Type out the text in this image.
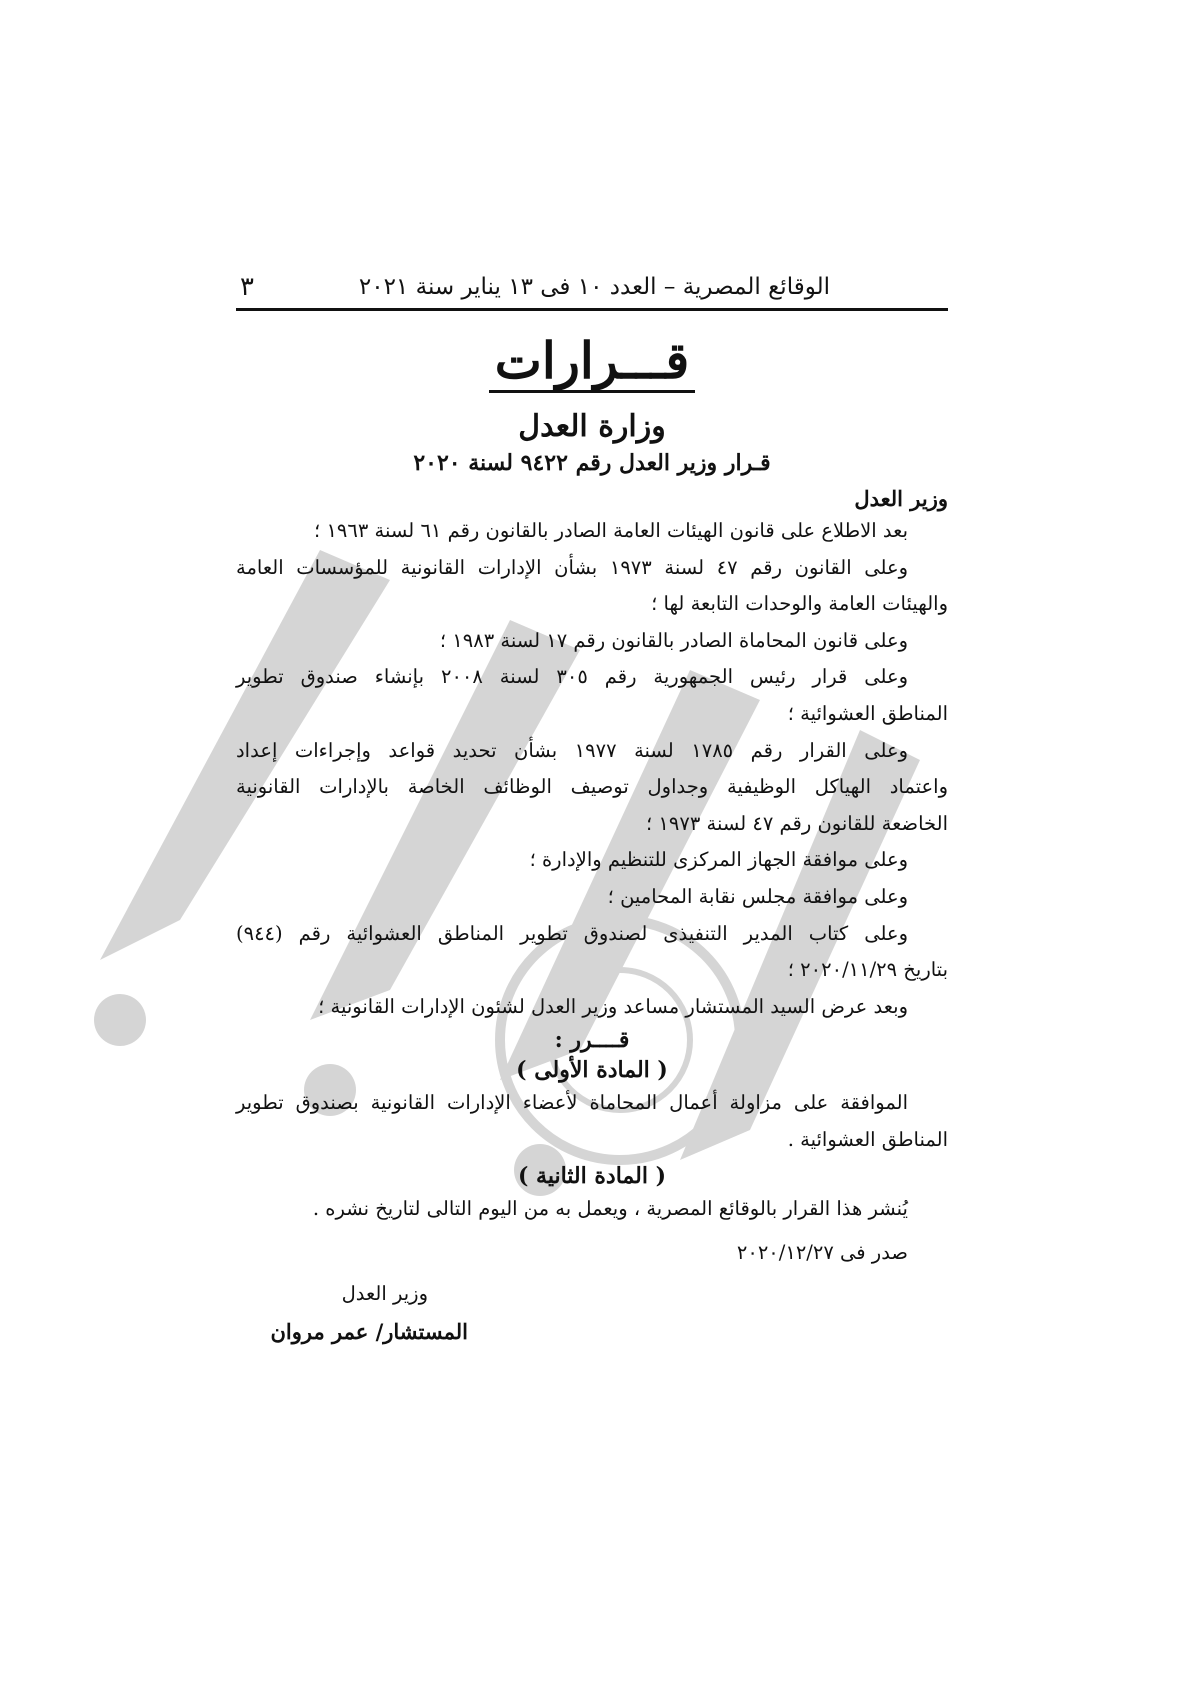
الوقائع المصرية – العدد ١٠ فى ١٣ يناير سنة ٢٠٢١
٣
قـــرارات
وزارة العدل
قـرار وزير العدل رقم ٩٤٢٢ لسنة ٢٠٢٠
وزير العدل
بعد الاطلاع على قانون الهيئات العامة الصادر بالقانون رقم ٦١ لسنة ١٩٦٣ ؛
وعلى القانون رقم ٤٧ لسنة ١٩٧٣ بشأن الإدارات القانونية للمؤسسات العامة
والهيئات العامة والوحدات التابعة لها ؛
وعلى قانون المحاماة الصادر بالقانون رقم ١٧ لسنة ١٩٨٣ ؛
وعلى قرار رئيس الجمهورية رقم ٣٠٥ لسنة ٢٠٠٨ بإنشاء صندوق تطوير
المناطق العشوائية ؛
وعلى القرار رقم ١٧٨٥ لسنة ١٩٧٧ بشأن تحديد قواعد وإجراءات إعداد
واعتماد الهياكل الوظيفية وجداول توصيف الوظائف الخاصة بالإدارات القانونية
الخاضعة للقانون رقم ٤٧ لسنة ١٩٧٣ ؛
وعلى موافقة الجهاز المركزى للتنظيم والإدارة ؛
وعلى موافقة مجلس نقابة المحامين ؛
وعلى كتاب المدير التنفيذى لصندوق تطوير المناطق العشوائية رقم (٩٤٤)
بتاريخ ٢٠٢٠/١١/٢٩ ؛
وبعد عرض السيد المستشار مساعد وزير العدل لشئون الإدارات القانونية ؛
قــــرر :
( المادة الأولى )
الموافقة على مزاولة أعمال المحاماة لأعضاء الإدارات القانونية بصندوق تطوير
المناطق العشوائية .
( المادة الثانية )
يُنشر هذا القرار بالوقائع المصرية ، ويعمل به من اليوم التالى لتاريخ نشره .
صدر فى ٢٠٢٠/١٢/٢٧
وزير العدل
المستشار/ عمر مروان
